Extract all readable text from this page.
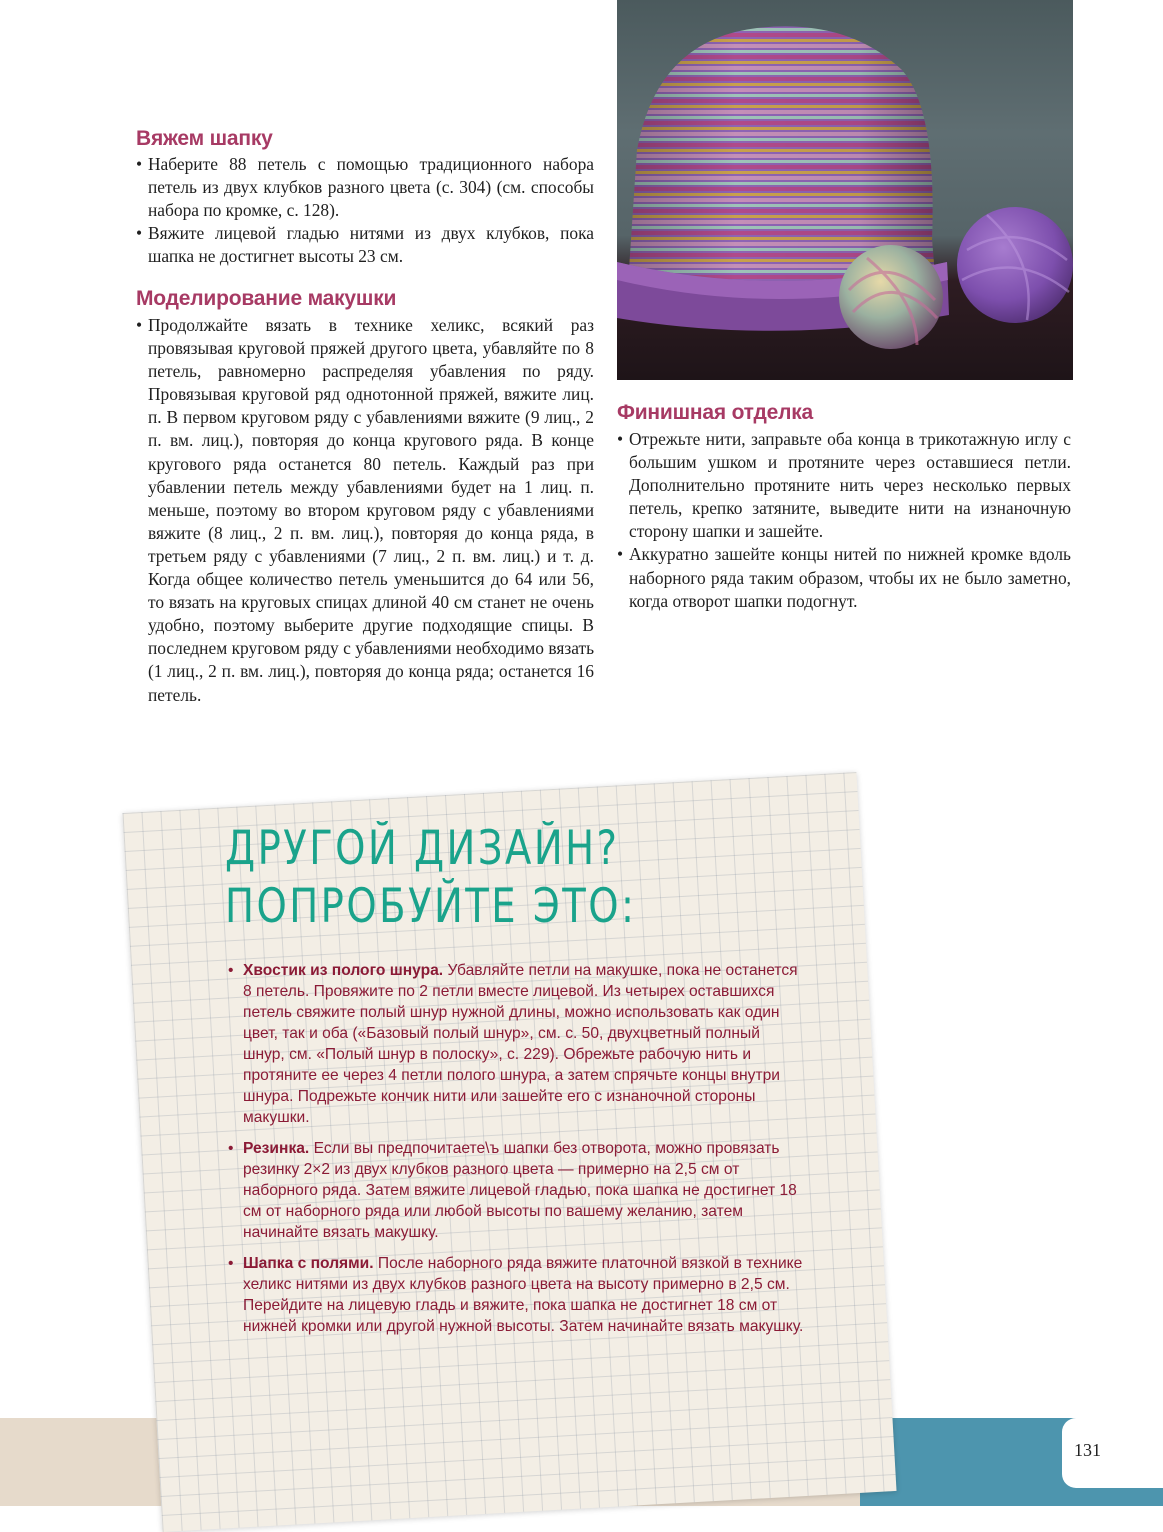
Вяжем шапку
• Наберите 88 петель с помощью традиционного набора петель из двух клубков разного цвета (с. 304) (см. способы набора по кромке, с. 128).
• Вяжите лицевой гладью нитями из двух клубков, пока шапка не достигнет высоты 23 см.
Моделирование макушки
• Продолжайте вязать в технике хеликс, всякий раз провязывая круговой пряжей другого цвета, убавляйте по 8 петель, равномерно распределяя убавления по ряду. Провязывая круговой ряд однотонной пряжей, вяжите лиц. п. В первом круговом ряду с убавлениями вяжите (9 лиц., 2 п. вм. лиц.), повторяя до конца кругового ряда. В конце кругового ряда останется 80 петель. Каждый раз при убавлении петель между убавлениями будет на 1 лиц. п. меньше, поэтому во втором круговом ряду с убавлениями вяжите (8 лиц., 2 п. вм. лиц.), повторяя до конца ряда, в третьем ряду с убавлениями (7 лиц., 2 п. вм. лиц.) и т. д. Когда общее количество петель уменьшится до 64 или 56, то вязать на круговых спицах длиной 40 см станет не очень удобно, поэтому выберите другие подходящие спицы. В последнем круговом ряду с убавлениями необходимо вязать (1 лиц., 2 п. вм. лиц.), повторяя до конца ряда; останется 16 петель.
Финишная отделка
• Отрежьте нити, заправьте оба конца в трикотажную иглу с большим ушком и протяните через оставшиеся петли. Дополнительно протяните нить через несколько первых петель, крепко затяните, выведите нити на изнаночную сторону шапки и зашейте.
• Аккуратно зашейте концы нитей по нижней кромке вдоль наборного ряда таким образом, чтобы их не было заметно, когда отворот шапки подогнут.
131
ДРУГОЙ ДИЗАЙН?
ПОПРОБУЙТЕ ЭТО:
• Хвостик из полого шнура. Убавляйте петли на макушке, пока не останется 8 петель. Провяжите по 2 петли вместе лицевой. Из четырех оставшихся петель свяжите полый шнур нужной длины, можно использовать как один цвет, так и оба («Базовый полый шнур», см. с. 50, двухцветный полный шнур, см. «Полый шнур в полоску», с. 229). Обрежьте рабочую нить и протяните ее через 4 петли полого шнура, а затем спрячьте концы внутри шнура. Подрежьте кончик нити или зашейте его с изнаночной стороны макушки.
• Резинка. Если вы предпочитаете\ъ шапки без отворота, можно провязать резинку 2×2 из двух клубков разного цвета — примерно на 2,5 см от наборного ряда. Затем вяжите лицевой гладью, пока шапка не достигнет 18 см от наборного ряда или любой высоты по вашему желанию, затем начинайте вязать макушку.
• Шапка с полями. После наборного ряда вяжите платочной вязкой в технике хеликс нитями из двух клубков разного цвета на высоту примерно в 2,5 см. Перейдите на лицевую гладь и вяжите, пока шапка не достигнет 18 см от нижней кромки или другой нужной высоты. Затем начинайте вязать макушку.
